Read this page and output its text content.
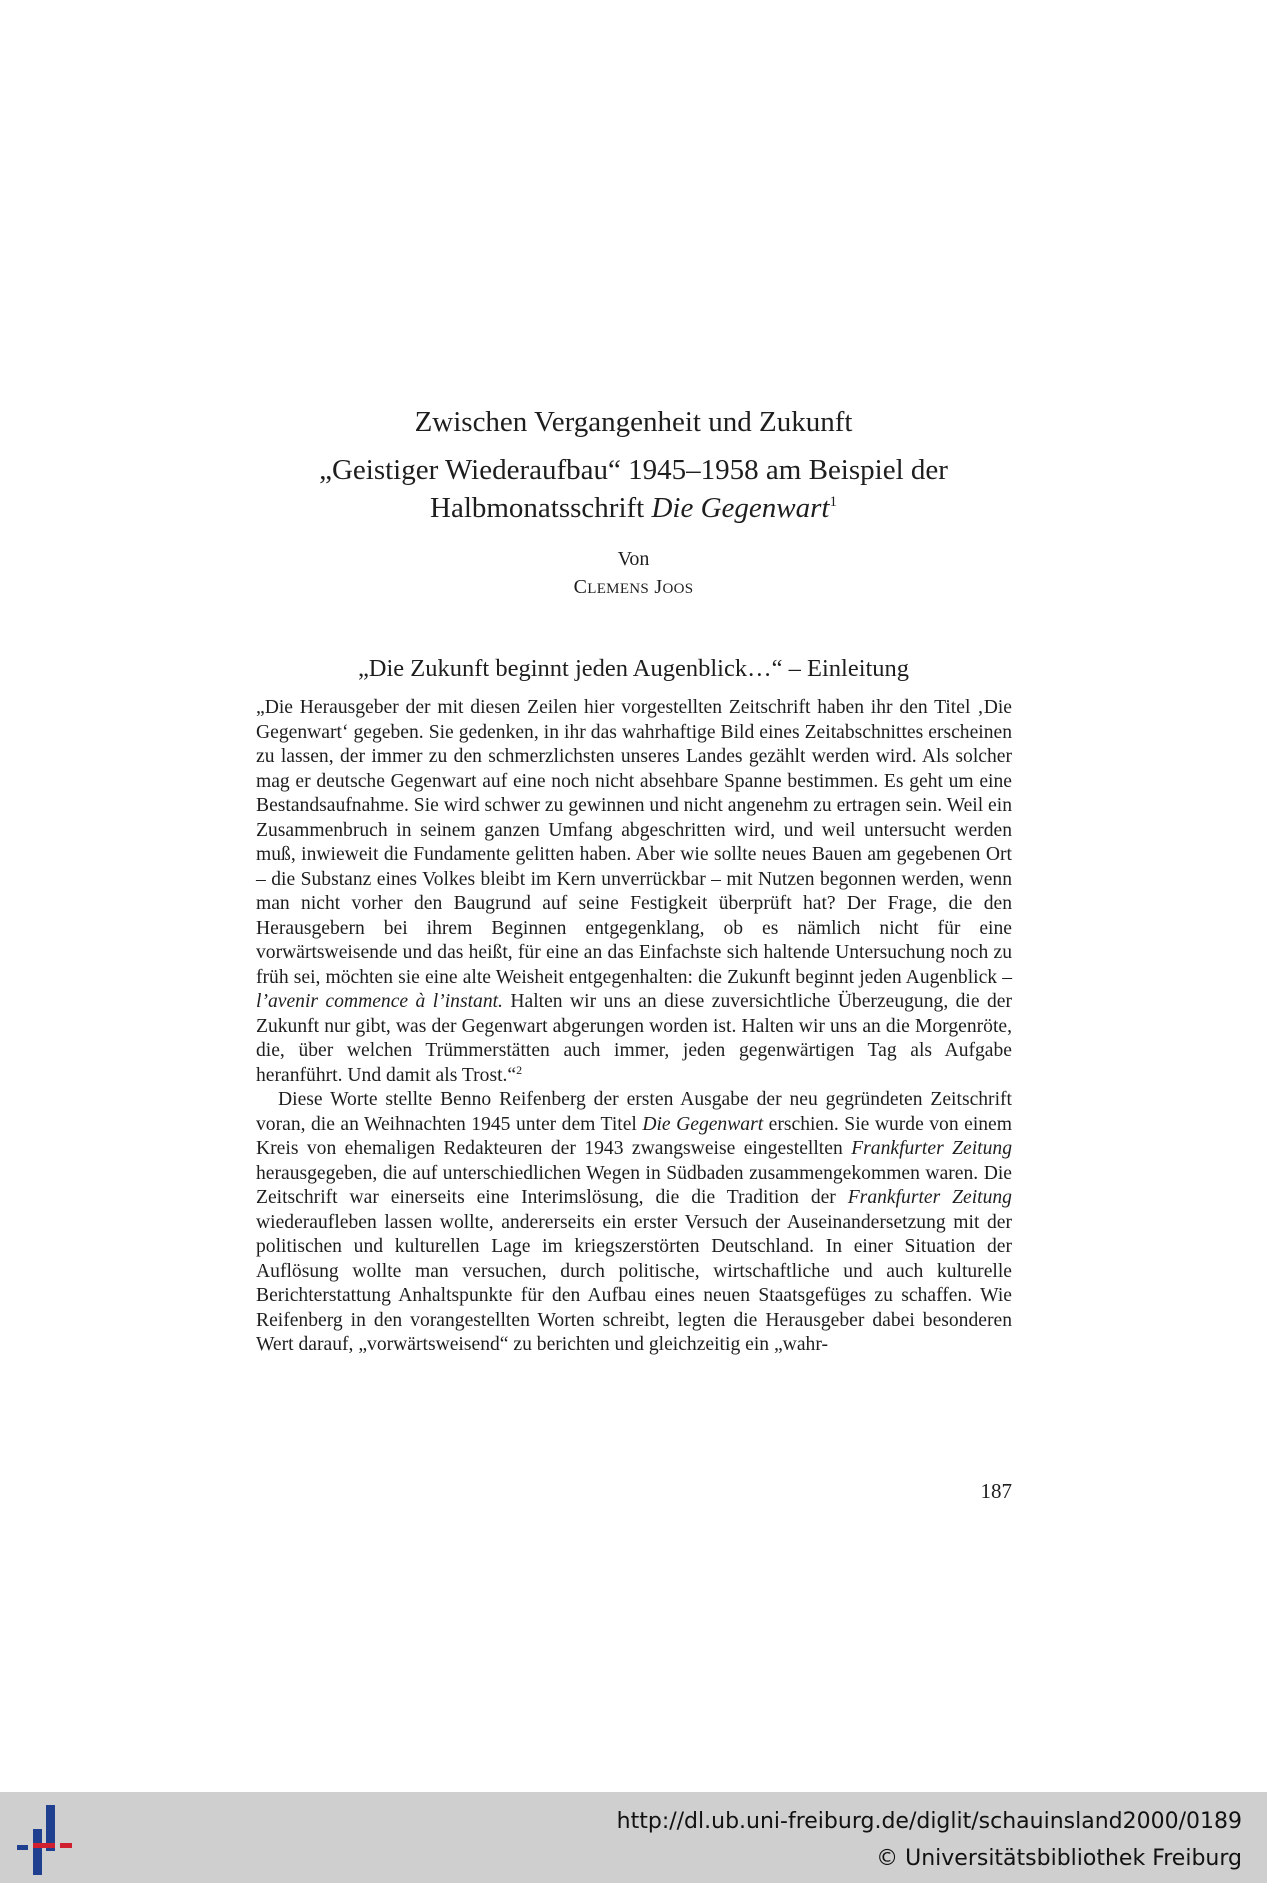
Zwischen Vergangenheit und Zukunft
„Geistiger Wiederaufbau“ 1945–1958 am Beispiel der
Halbmonatsschrift Die Gegenwart$^1$
Von
CLEMENS JOOS
„Die Zukunft beginnt jeden Augenblick…“ – Einleitung

„Die Herausgeber der mit diesen Zeilen hier vorgestellten Zeitschrift haben ihr den Titel ‚Die Gegenwart‘ gegeben. Sie gedenken, in ihr das wahrhaftige Bild eines Zeitabschnittes erscheinen zu lassen, der immer zu den schmerzlichsten unseres Landes gezählt werden wird. Als solcher mag er deutsche Gegenwart auf eine noch nicht absehbare Spanne bestimmen. Es geht um eine Bestandsaufnahme. Sie wird schwer zu gewinnen und nicht angenehm zu ertragen sein. Weil ein Zusammenbruch in seinem ganzen Umfang abgeschritten wird, und weil untersucht werden muß, inwieweit die Fundamente gelitten haben. Aber wie sollte neues Bauen am gegebenen Ort – die Substanz eines Volkes bleibt im Kern unverrückbar – mit Nutzen begonnen werden, wenn man nicht vorher den Baugrund auf seine Festigkeit überprüft hat? Der Frage, die den Herausgebern bei ihrem Beginnen entgegenklang, ob es nämlich nicht für eine vorwärtsweisende und das heißt, für eine an das Einfachste sich haltende Untersuchung noch zu früh sei, möchten sie eine alte Weisheit entgegenhalten: die Zukunft beginnt jeden Augenblick – l’avenir commence à l’instant. Halten wir uns an diese zuversichtliche Überzeugung, die der Zukunft nur gibt, was der Gegenwart abgerungen worden ist. Halten wir uns an die Morgenröte, die, über welchen Trümmerstätten auch immer, jeden gegenwärtigen Tag als Aufgabe heranführt. Und damit als Trost.“$^2$

Diese Worte stellte Benno Reifenberg der ersten Ausgabe der neu gegründeten Zeitschrift voran, die an Weihnachten 1945 unter dem Titel Die Gegenwart erschien. Sie wurde von einem Kreis von ehemaligen Redakteuren der 1943 zwangsweise eingestellten Frankfurter Zeitung herausgegeben, die auf unterschiedlichen Wegen in Südbaden zusammengekommen waren. Die Zeitschrift war einerseits eine Interimslösung, die die Tradition der Frankfurter Zeitung wiederaufleben lassen wollte, andererseits ein erster Versuch der Auseinandersetzung mit der politischen und kulturellen Lage im kriegszerstörten Deutschland. In einer Situation der Auflösung wollte man versuchen, durch politische, wirtschaftliche und auch kulturelle Berichterstattung Anhaltspunkte für den Aufbau eines neuen Staatsgefüges zu schaffen. Wie Reifenberg in den vorangestellten Worten schreibt, legten die Herausgeber dabei besonderen Wert darauf, „vorwärtsweisend“ zu berichten und gleichzeitig ein „wahr-

187
http://dl.ub.uni-freiburg.de/diglit/schauinsland2000/0189
© Universitätsbibliothek Freiburg
